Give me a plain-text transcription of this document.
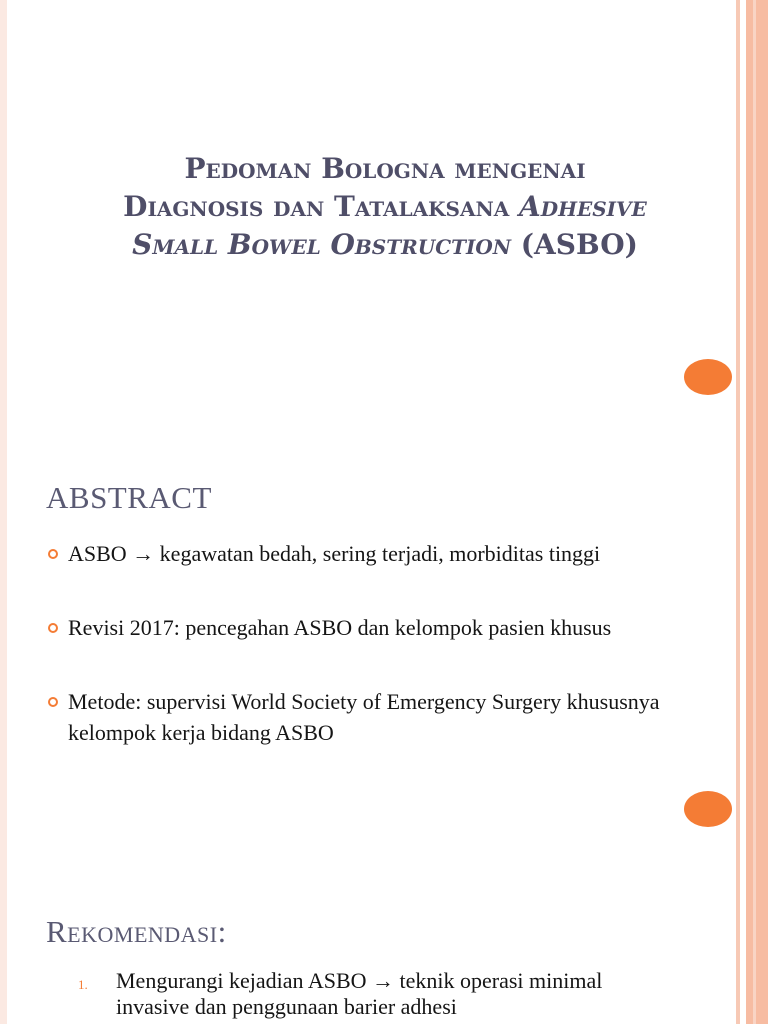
Pedoman Bologna mengenai
Diagnosis dan Tatalaksana Adhesive
Small Bowel Obstruction (ASBO)
ABSTRACT
ASBO → kegawatan bedah, sering terjadi, morbiditas tinggi
Revisi 2017: pencegahan ASBO dan kelompok pasien khusus
Metode: supervisi World Society of Emergency Surgery khususnya kelompok kerja bidang ASBO
Rekomendasi:
1. Mengurangi kejadian ASBO → teknik operasi minimal invasive dan penggunaan barier adhesi
